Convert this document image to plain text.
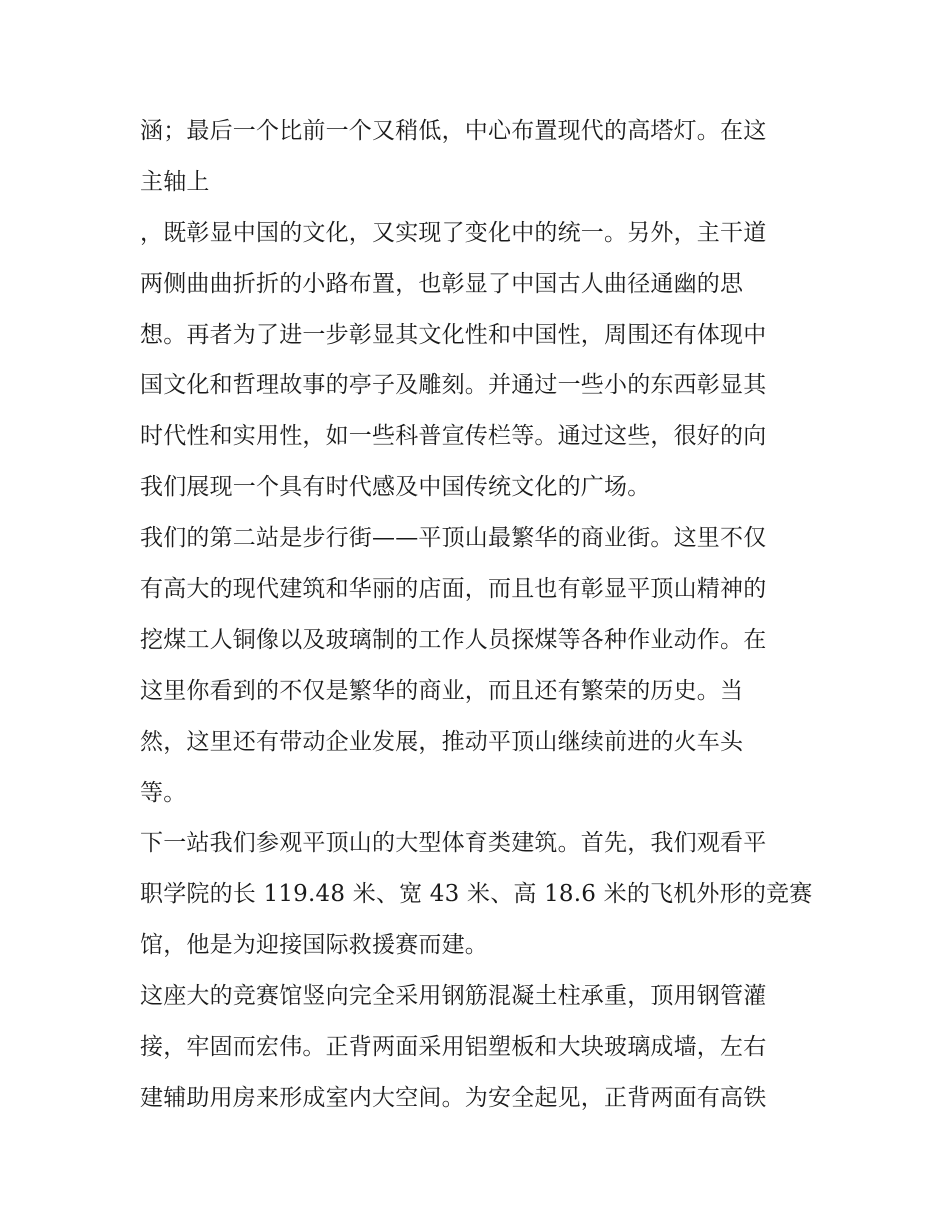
涵；最后一个比前一个又稍低，中心布置现代的高塔灯。在这
主轴上
，既彰显中国的文化，又实现了变化中的统一。另外，主干道
两侧曲曲折折的小路布置，也彰显了中国古人曲径通幽的思
想。再者为了进一步彰显其文化性和中国性，周围还有体现中
国文化和哲理故事的亭子及雕刻。并通过一些小的东西彰显其
时代性和实用性，如一些科普宣传栏等。通过这些，很好的向
我们展现一个具有时代感及中国传统文化的广场。
我们的第二站是步行街——平顶山最繁华的商业街。这里不仅
有高大的现代建筑和华丽的店面，而且也有彰显平顶山精神的
挖煤工人铜像以及玻璃制的工作人员探煤等各种作业动作。在
这里你看到的不仅是繁华的商业，而且还有繁荣的历史。当
然，这里还有带动企业发展，推动平顶山继续前进的火车头
等。
下一站我们参观平顶山的大型体育类建筑。首先，我们观看平
职学院的长 119.48 米、宽 43 米、高 18.6 米的飞机外形的竞赛
馆，他是为迎接国际救援赛而建。
这座大的竞赛馆竖向完全采用钢筋混凝土柱承重，顶用钢管灌
接，牢固而宏伟。正背两面采用铝塑板和大块玻璃成墙，左右
建辅助用房来形成室内大空间。为安全起见，正背两面有高铁
